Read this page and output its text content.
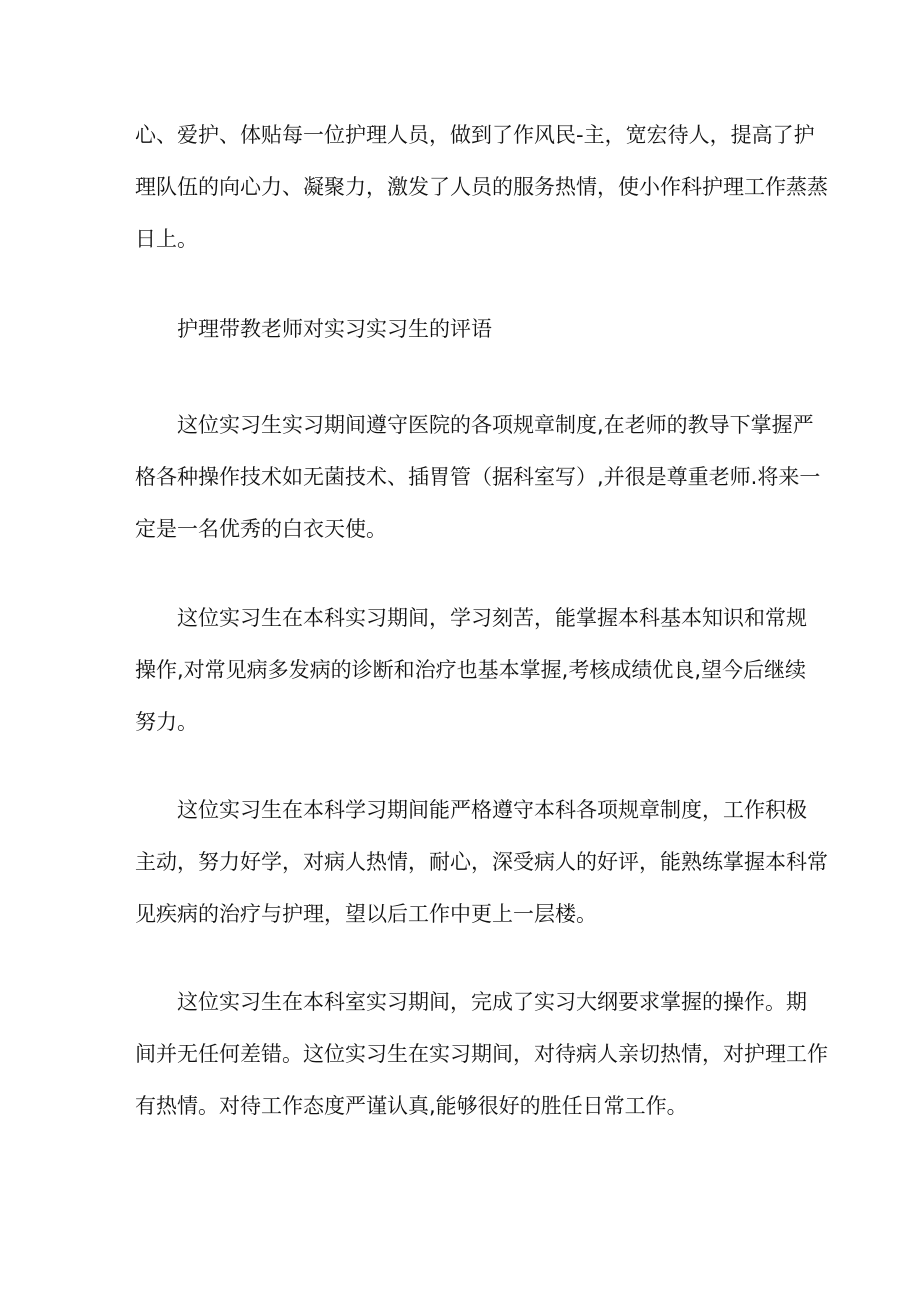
心、爱护、体贴每一位护理人员，做到了作风民-主，宽宏待人，提高了护
理队伍的向心力、凝聚力，激发了人员的服务热情，使小作科护理工作蒸蒸
日上。
护理带教老师对实习实习生的评语
这位实习生实习期间遵守医院的各项规章制度,在老师的教导下掌握严
格各种操作技术如无菌技术、插胃管（据科室写）,并很是尊重老师.将来一
定是一名优秀的白衣天使。
这位实习生在本科实习期间，学习刻苦，能掌握本科基本知识和常规
操作,对常见病多发病的诊断和治疗也基本掌握,考核成绩优良,望今后继续
努力。
这位实习生在本科学习期间能严格遵守本科各项规章制度，工作积极
主动，努力好学，对病人热情，耐心，深受病人的好评，能熟练掌握本科常
见疾病的治疗与护理，望以后工作中更上一层楼。
这位实习生在本科室实习期间，完成了实习大纲要求掌握的操作。期
间并无任何差错。这位实习生在实习期间，对待病人亲切热情，对护理工作
有热情。对待工作态度严谨认真,能够很好的胜任日常工作。
